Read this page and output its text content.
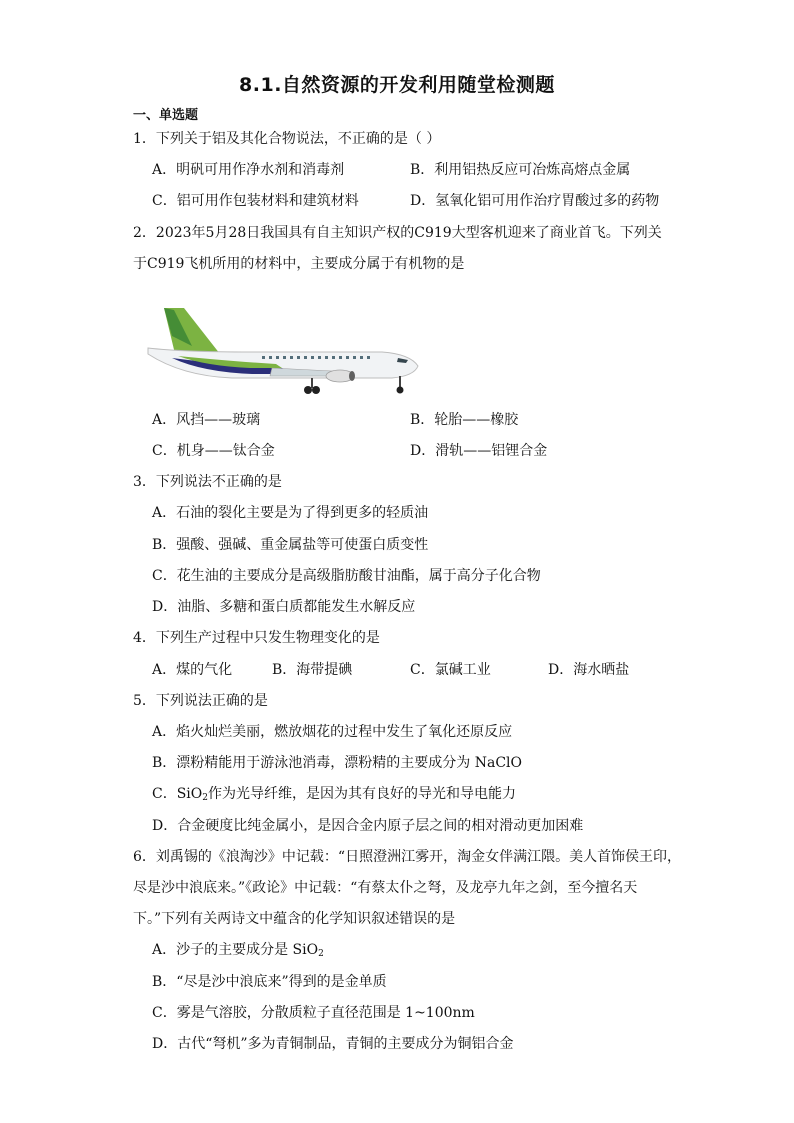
8.1.自然资源的开发利用随堂检测题
一、单选题
1．下列关于铝及其化合物说法，不正确的是（ ）
A．明矾可用作净水剂和消毒剂	B．利用铝热反应可冶炼高熔点金属
C．铝可用作包装材料和建筑材料	D．氢氧化铝可用作治疗胃酸过多的药物
2．2023年5月28日我国具有自主知识产权的C919大型客机迎来了商业首飞。下列关
于C919飞机所用的材料中，主要成分属于有机物的是
A．风挡——玻璃	B．轮胎——橡胶
C．机身——钛合金	D．滑轨——铝锂合金
3．下列说法不正确的是
A．石油的裂化主要是为了得到更多的轻质油
B．强酸、强碱、重金属盐等可使蛋白质变性
C．花生油的主要成分是高级脂肪酸甘油酯，属于高分子化合物
D．油脂、多糖和蛋白质都能发生水解反应
4．下列生产过程中只发生物理变化的是
A．煤的气化	B．海带提碘	C．氯碱工业	D．海水晒盐
5．下列说法正确的是
A．焰火灿烂美丽，燃放烟花的过程中发生了氧化还原反应
B．漂粉精能用于游泳池消毒，漂粉精的主要成分为 NaClO
C．SiO$_2$作为光导纤维，是因为其有良好的导光和导电能力
D．合金硬度比纯金属小，是因合金内原子层之间的相对滑动更加困难
6．刘禹锡的《浪淘沙》中记载：“日照澄洲江雾开，淘金女伴满江隈。美人首饰侯王印，
尽是沙中浪底来。”《政论》中记载：“有蔡太仆之弩，及龙亭九年之剑，至今擅名天
下。”下列有关两诗文中蕴含的化学知识叙述错误的是
A．沙子的主要成分是 SiO$_2$
B．“尽是沙中浪底来”得到的是金单质
C．雾是气溶胶，分散质粒子直径范围是 1~100nm
D．古代“弩机”多为青铜制品，青铜的主要成分为铜铝合金
